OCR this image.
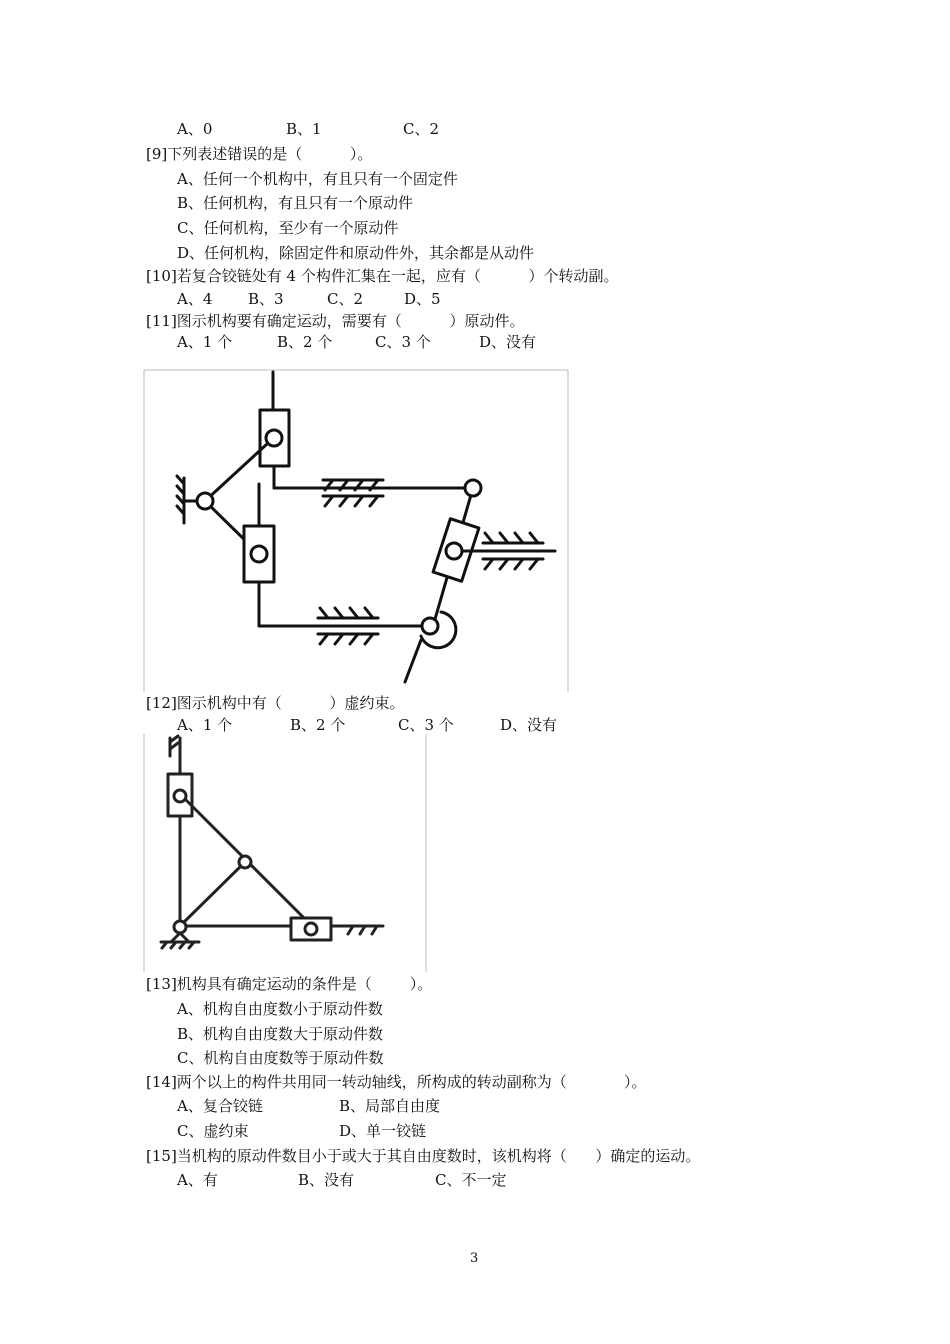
A、0

	B、1

	C、2

[9]下列表述错误的是（          ）。
A、任何一个机构中，有且只有一个固定件
B、任何机构，有且只有一个原动件
C、任何机构，至少有一个原动件
D、任何机构，除固定件和原动件外，其余都是从动件
[10]若复合铰链处有 4 个构件汇集在一起，应有（          ）个转动副。

A、4

B、3

	C、2

	D、5

[11]图示机构要有确定运动，需要有（          ）原动件。

A、1 个

	B、2 个

	C、3 个

	D、没有

[12]图示机构中有（          ）虚约束。

A、1 个

	B、2 个

	C、3 个

	D、没有

[13]机构具有确定运动的条件是（        ）。
A、机构自由度数小于原动件数
B、机构自由度数大于原动件数
C、机构自由度数等于原动件数
[14]两个以上的构件共用同一转动轴线，所构成的转动副称为（            ）。

A、复合铰链

	B、局部自由度

C、虚约束

	D、单一铰链

[15]当机构的原动件数目小于或大于其自由度数时，该机构将（      ）确定的运动。

A、有

	B、没有

	C、不一定

3
